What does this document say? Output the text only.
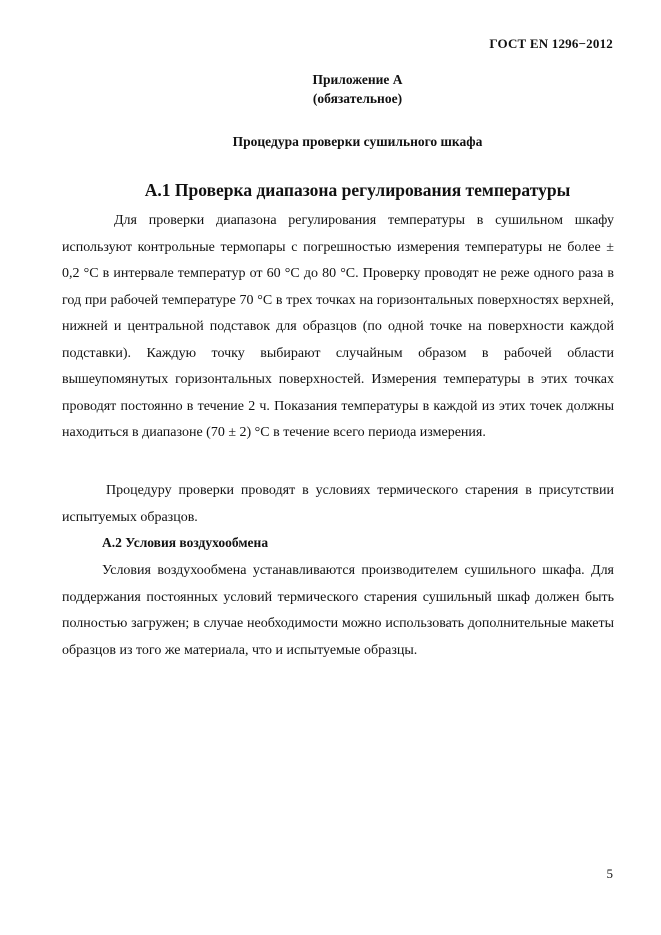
ГОСТ EN 1296−2012
Приложение А
(обязательное)
Процедура проверки сушильного шкафа
А.1 Проверка диапазона регулирования температуры

Для проверки диапазона регулирования температуры в сушильном шкафу используют контрольные термопары с погрешностью измерения температуры не более ± 0,2 °С в интервале температур от 60 °С до 80 °С. Проверку проводят не реже одного раза в год при рабочей температуре 70 °С в трех точках на горизонтальных поверхностях верхней, нижней и центральной подставок для образцов (по одной точке на поверхности каждой подставки). Каждую точку выбирают случайным образом в рабочей области вышеупомянутых горизонтальных поверхностей. Измерения температуры в этих точках проводят постоянно в течение 2 ч. Показания температуры в каждой из этих точек должны находиться в диапазоне (70 ± 2) °С в течение всего периода измерения.

Процедуру проверки проводят в условиях термического старения в присутствии испытуемых образцов.

А.2 Условия воздухообмена

Условия воздухообмена устанавливаются производителем сушильного шкафа. Для поддержания постоянных условий термического старения сушильный шкаф должен быть полностью загружен; в случае необходимости можно использовать дополнительные макеты образцов из того же материала, что и испытуемые образцы.

5
